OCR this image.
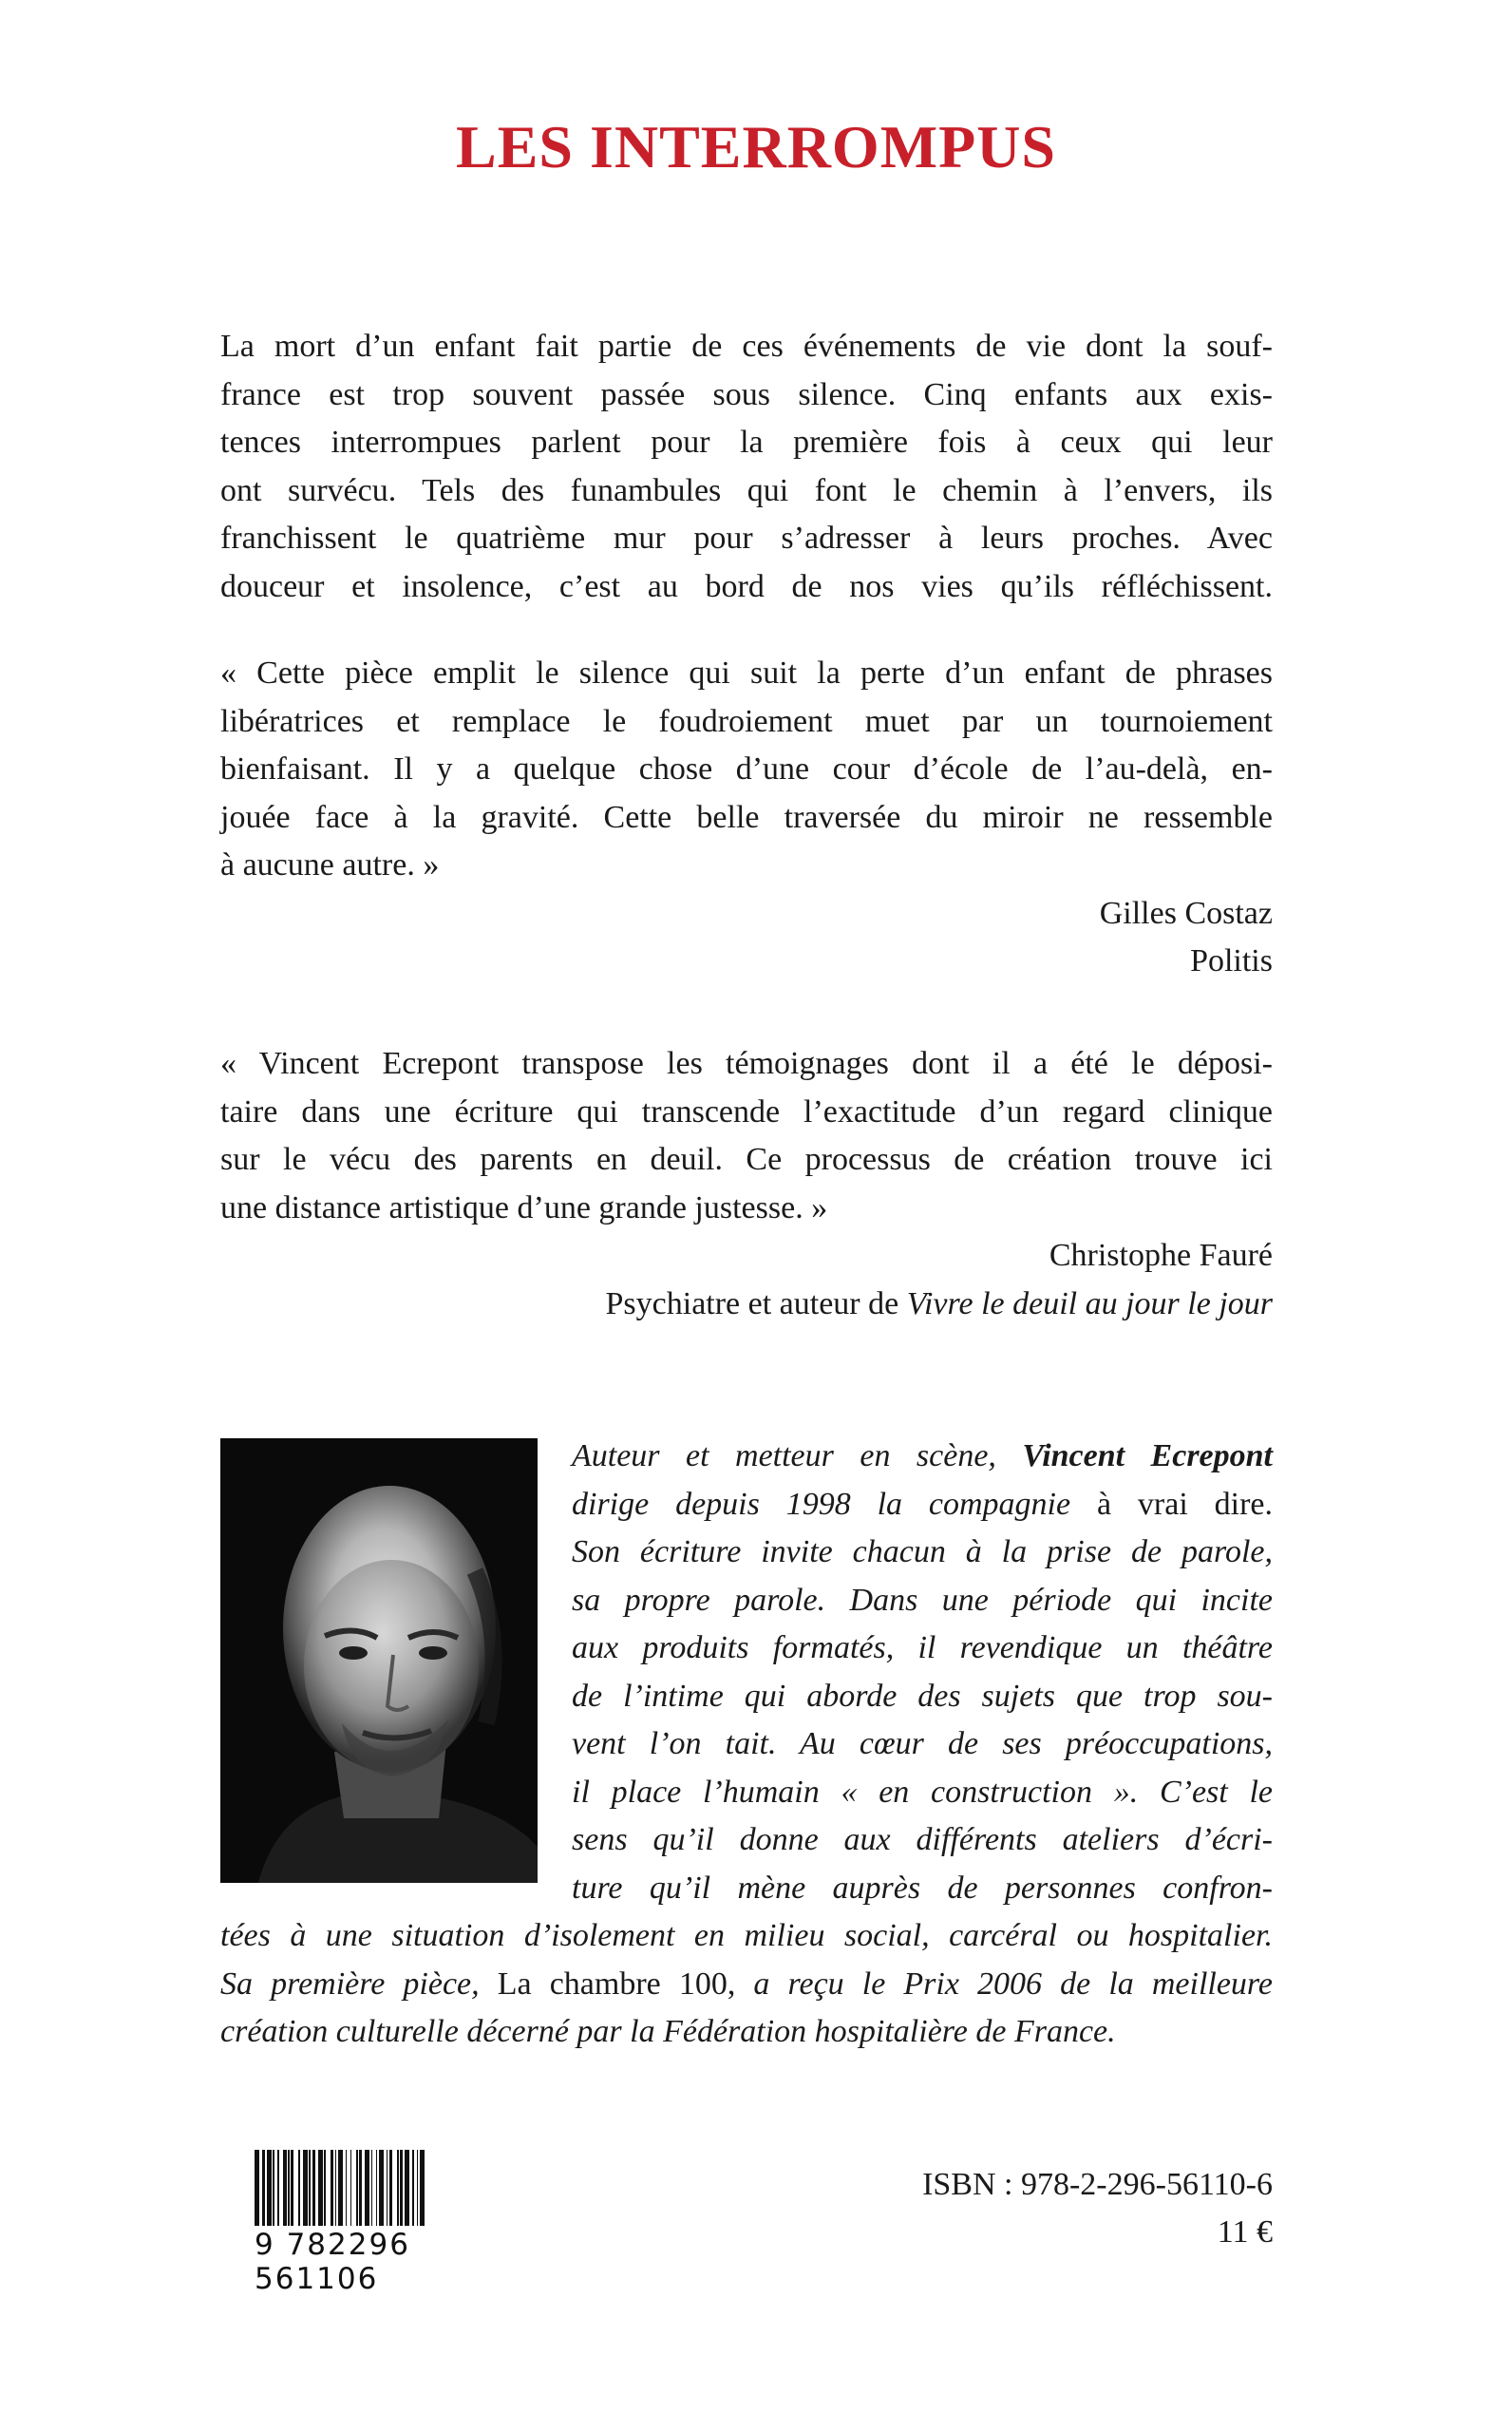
LES INTERROMPUS

La mort d’un enfant fait partie de ces événements de vie dont la souf-

france est trop souvent passée sous silence. Cinq enfants aux exis-

tences interrompues parlent pour la première fois à ceux qui leur

ont survécu. Tels des funambules qui font le chemin à l’envers, ils

franchissent le quatrième mur pour s’adresser à leurs proches. Avec

douceur et insolence, c’est au bord de nos vies qu’ils réfléchissent.

« Cette pièce emplit le silence qui suit la perte d’un enfant de phrases

libératrices et remplace le foudroiement muet par un tournoiement

bienfaisant. Il y a quelque chose d’une cour d’école de l’au-delà, en-

jouée face à la gravité. Cette belle traversée du miroir ne ressemble

à aucune autre. »

Gilles Costaz

Politis

« Vincent Ecrepont transpose les témoignages dont il a été le déposi-

taire dans une écriture qui transcende l’exactitude d’un regard clinique

sur le vécu des parents en deuil. Ce processus de création trouve ici

une distance artistique d’une grande justesse. »

Christophe Fauré

Psychiatre et auteur de Vivre le deuil au jour le jour

Auteur et metteur en scène, Vincent Ecrepont

dirige depuis 1998 la compagnie à vrai dire.

Son écriture invite chacun à la prise de parole,

sa propre parole. Dans une période qui incite

aux produits formatés, il revendique un théâtre

de l’intime qui aborde des sujets que trop sou-

vent l’on tait. Au cœur de ses préoccupations,

il place l’humain « en construction ». C’est le

sens qu’il donne aux différents ateliers d’écri-

ture qu’il mène auprès de personnes confron-

tées à une situation d’isolement en milieu social, carcéral ou hospitalier.

Sa première pièce, La chambre 100, a reçu le Prix 2006 de la meilleure

création culturelle décerné par la Fédération hospitalière de France.

9 782296 561106
ISBN : 978-2-296-56110-6
11 €
